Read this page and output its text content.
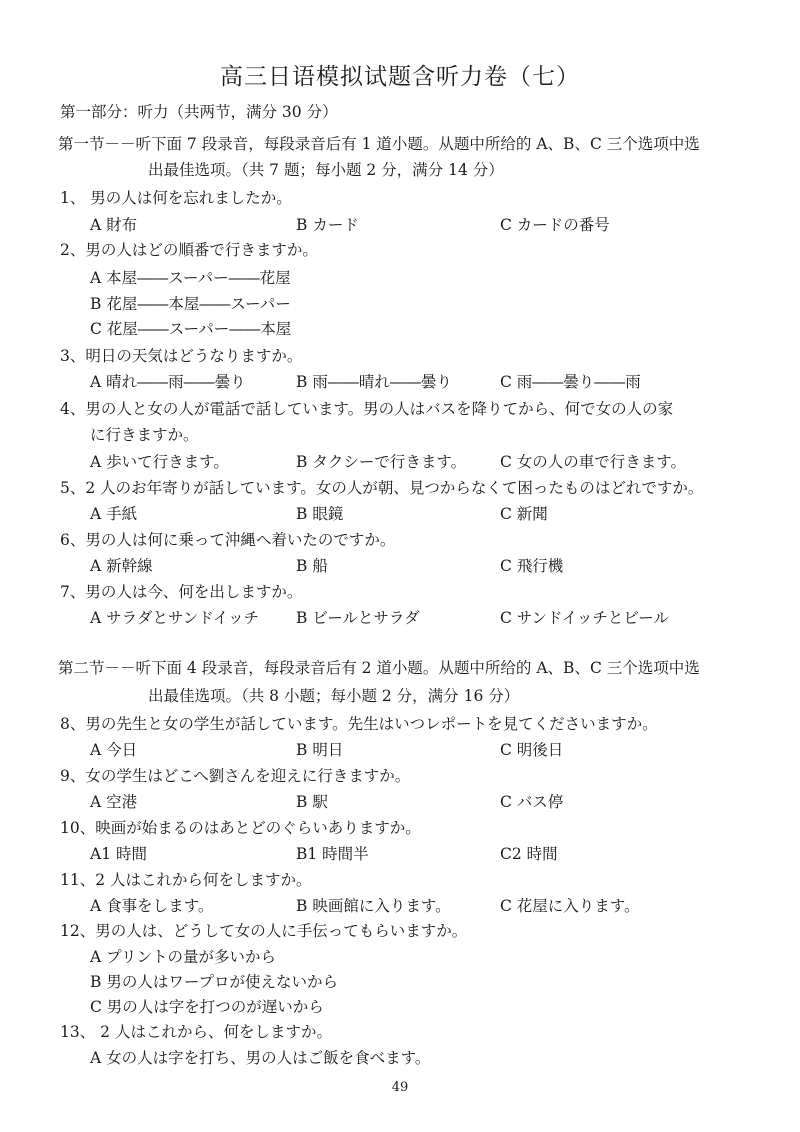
高三日语模拟试题含听力卷（七）
第一部分：听力（共两节，满分 30 分）
第一节－－听下面 7 段录音，每段录音后有 1 道小题。从题中所给的 A、B、C 三个选项中选
出最佳选项。（共 7 题；每小题 2 分，满分 14 分）
1、 男の人は何を忘れましたか。
A 財布	B カード	C カードの番号
2、男の人はどの順番で行きますか。
A 本屋――スーパー――花屋
B 花屋――本屋――スーパー
C 花屋――スーパー――本屋
3、明日の天気はどうなりますか。
A 晴れ――雨――曇り	B 雨――晴れ――曇り	C 雨――曇り――雨
4、男の人と女の人が電話で話しています。男の人はバスを降りてから、何で女の人の家
に行きますか。
A 歩いて行きます。	B タクシーで行きます。 C 女の人の車で行きます。
5、2 人のお年寄りが話しています。女の人が朝、見つからなくて困ったものはどれですか。
A 手紙	B 眼鏡	C 新聞
6、男の人は何に乗って沖縄へ着いたのですか。
A 新幹線	B 船	C 飛行機
7、男の人は今、何を出しますか。
A サラダとサンドイッチ B ビールとサラダ	C サンドイッチとビール
第二节－－听下面 4 段录音，每段录音后有 2 道小题。从题中所给的 A、B、C 三个选项中选
出最佳选项。（共 8 小题；每小题 2 分，满分 16 分）
8、男の先生と女の学生が話しています。先生はいつレポートを見てくださいますか。
A 今日	B 明日	C 明後日
9、女の学生はどこへ劉さんを迎えに行きますか。
A 空港	B 駅	C バス停
10、映画が始まるのはあとどのぐらいありますか。
A1 時間	B1 時間半	C2 時間
11、2 人はこれから何をしますか。
A 食事をします。	B 映画館に入ります。	C 花屋に入ります。
12、男の人は、どうして女の人に手伝ってもらいますか。
A プリントの量が多いから
B 男の人はワープロが使えないから
C 男の人は字を打つのが遅いから
13、 2 人はこれから、何をしますか。
A 女の人は字を打ち、男の人はご飯を食べます。
49
